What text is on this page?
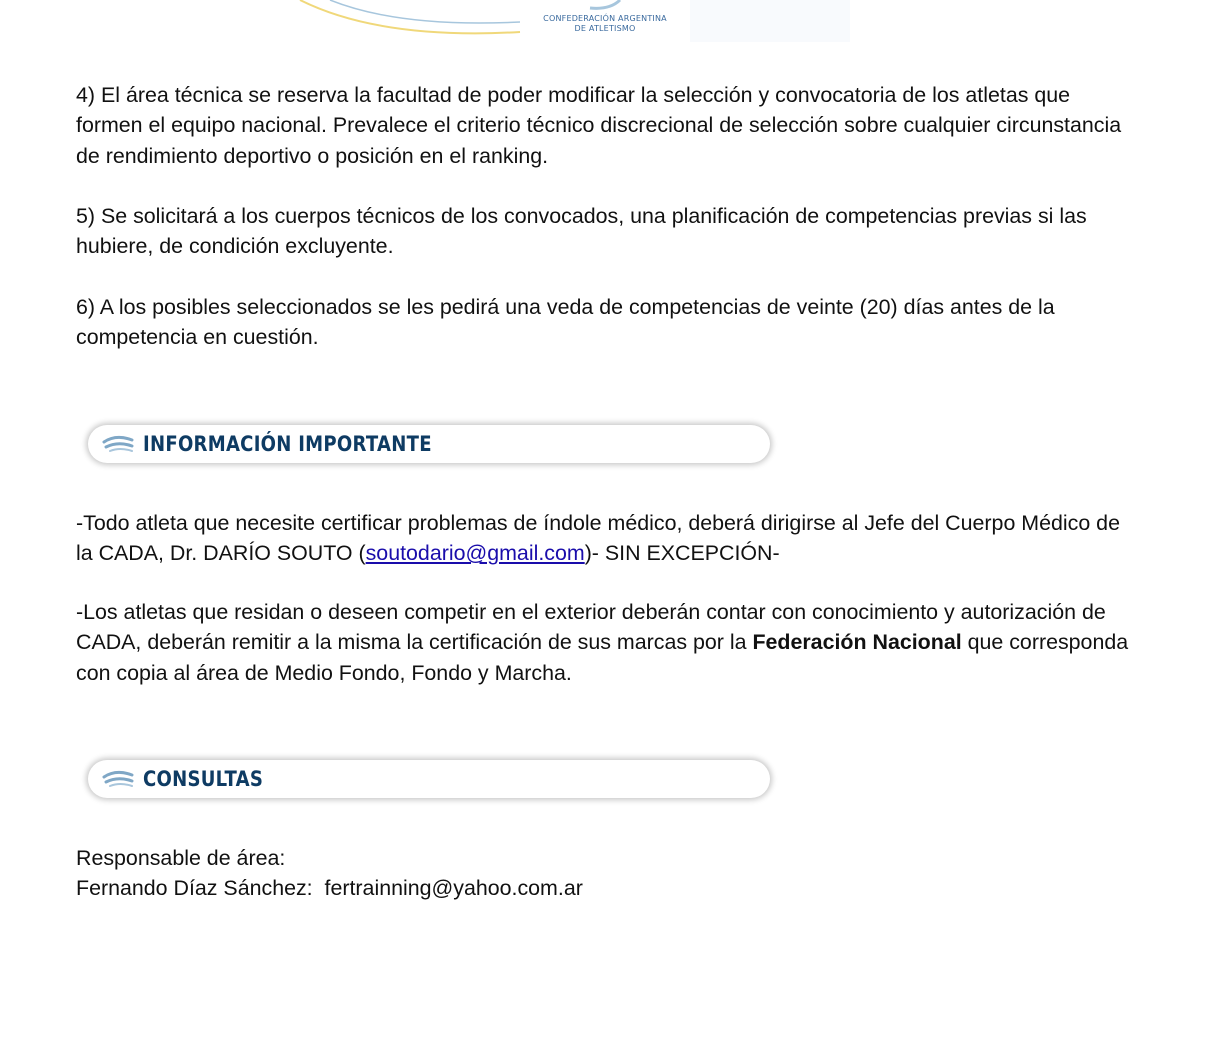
CONFEDERACIÓN ARGENTINA
DE ATLETISMO

4) El área técnica se reserva la facultad de poder modificar la selección y convocatoria de los atletas que formen el equipo nacional. Prevalece el criterio técnico discrecional de selección sobre cualquier circunstancia de rendimiento deportivo o posición en el ranking.

5) Se solicitará a los cuerpos técnicos de los convocados, una planificación de competencias previas si las hubiere, de condición excluyente.

6) A los posibles seleccionados se les pedirá una veda de competencias de veinte (20) días antes de la competencia en cuestión.

INFORMACIÓN IMPORTANTE

-Todo atleta que necesite certificar problemas de índole médico, deberá dirigirse al Jefe del Cuerpo Médico de la CADA, Dr. DARÍO SOUTO (soutodario@gmail.com)- SIN EXCEPCIÓN-

-Los atletas que residan o deseen competir en el exterior deberán contar con conocimiento y autorización de CADA, deberán remitir a la misma la certificación de sus marcas por la Federación Nacional que corresponda con copia al área de Medio Fondo, Fondo y Marcha.

CONSULTAS

Responsable de área:
Fernando Díaz Sánchez: fertrainning@yahoo.com.ar
